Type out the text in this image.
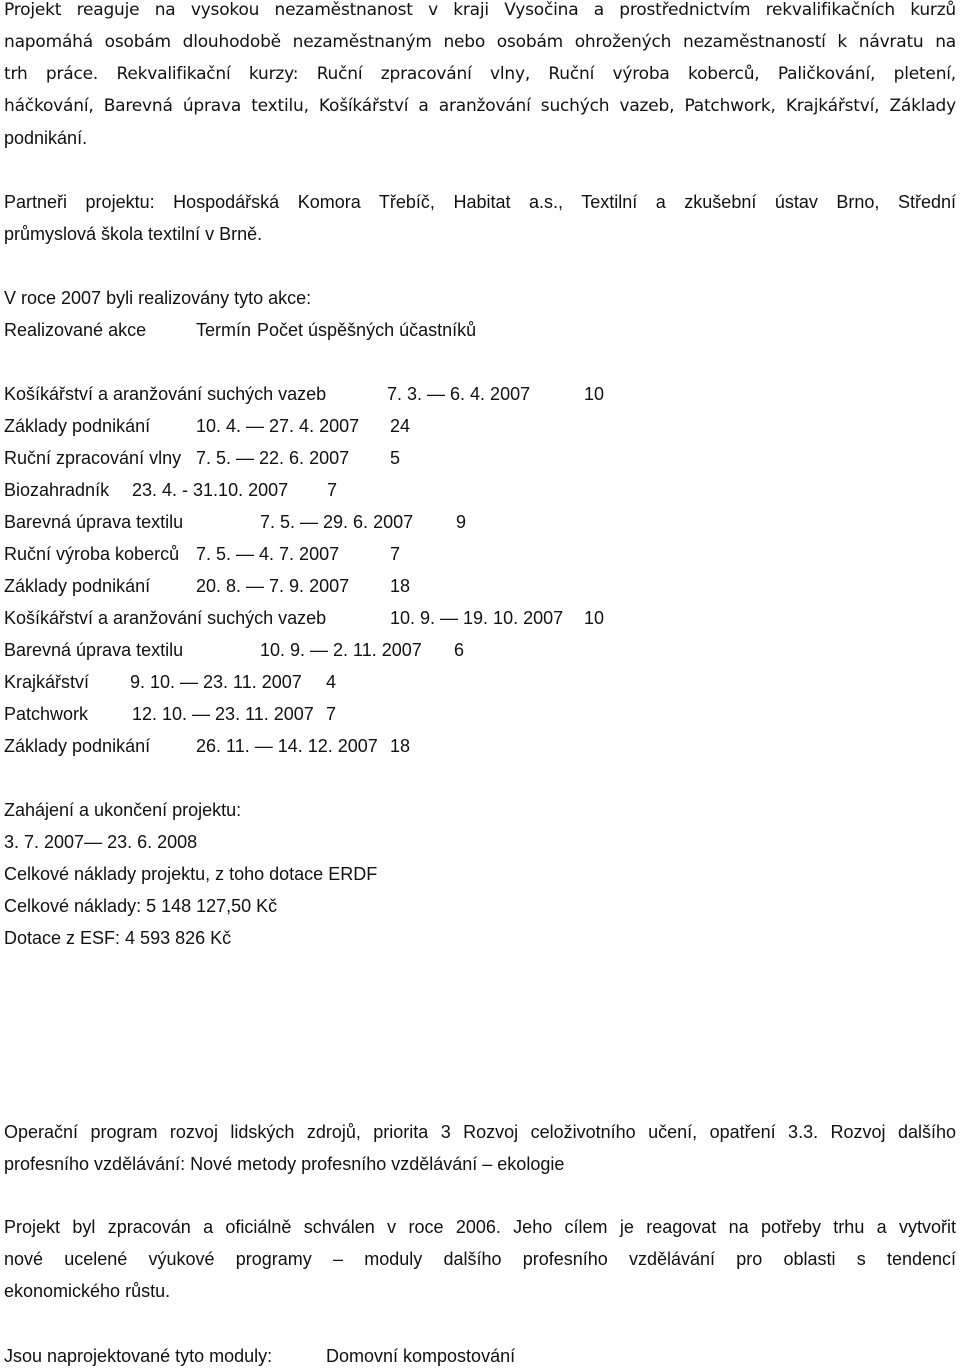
Projekt reaguje na vysokou nezaměstnanost v kraji Vysočina a prostřednictvím rekvalifikačních kurzů
napomáhá osobám dlouhodobě nezaměstnaným nebo osobám ohrožených nezaměstnaností k návratu na
trh práce. Rekvalifikační kurzy: Ruční zpracování vlny, Ruční výroba koberců, Paličkování, pletení,
háčkování, Barevná úprava textilu, Košíkářství a aranžování suchých vazeb, Patchwork, Krajkářství, Základy
podnikání.
Partneři projektu: Hospodářská Komora Třebíč, Habitat a.s., Textilní a zkušební ústav Brno, Střední
průmyslová škola textilní v Brně.
V roce 2007 byli realizovány tyto akce:
Realizované akce	Termín Počet úspěšných účastníků
Košíkářství a aranžování suchých vazeb	7. 3. — 6. 4. 2007	10
Základy podnikání	10. 4. — 27. 4. 2007 24
Ruční zpracování vlny 7. 5. — 22. 6. 2007 5
Biozahradník 23. 4. - 31.10. 2007 7
Barevná úprava textilu	7. 5. — 29. 6. 2007 9
Ruční výroba koberců 7. 5. — 4. 7. 2007	7
Základy podnikání	20. 8. — 7. 9. 2007 18
Košíkářství a aranžování suchých vazeb	10. 9. — 19. 10. 2007 10
Barevná úprava textilu	10. 9. — 2. 11. 2007 6
Krajkářství 9. 10. — 23. 11. 2007 4
Patchwork 12. 10. — 23. 11. 2007 7
Základy podnikání	26. 11. — 14. 12. 2007 18
Zahájení a ukončení projektu:
3. 7. 2007— 23. 6. 2008
Celkové náklady projektu, z toho dotace ERDF
Celkové náklady: 5 148 127,50 Kč
Dotace z ESF: 4 593 826 Kč
Operační program rozvoj lidských zdrojů, priorita 3 Rozvoj celoživotního učení, opatření 3.3. Rozvoj dalšího
profesního vzdělávání: Nové metody profesního vzdělávání – ekologie
Projekt byl zpracován a oficiálně schválen v roce 2006. Jeho cílem je reagovat na potřeby trhu a vytvořit
nové ucelené výukové programy – moduly dalšího profesního vzdělávání pro oblasti s tendencí
ekonomického růstu.
Jsou naprojektované tyto moduly:	Domovní kompostování
